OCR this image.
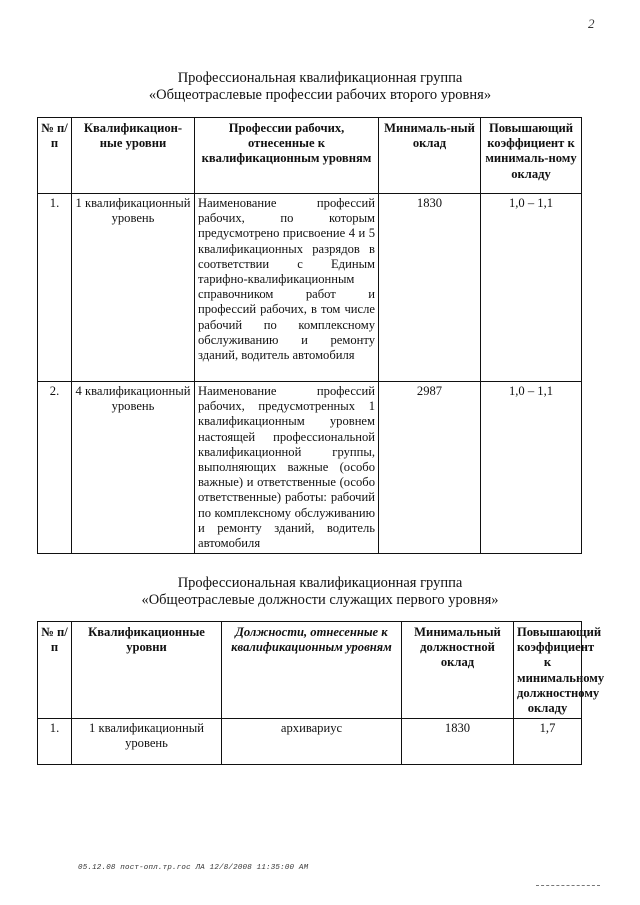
2
Профессиональная квалификационная группа
«Общеотраслевые профессии рабочих второго уровня»
№ п/п	Квалификацион-ные уровни	Профессии рабочих, отнесенные к квалификационным уровням	Минималь-ный оклад	Повышающий коэффициент к минималь-ному окладу
1.	1 квалификационный уровень	Наименование профессий рабочих, по которым предусмотрено присвоение 4 и 5 квалификационных разрядов в соответствии с Единым тарифно-квалификационным справочником работ и профессий рабочих, в том числе рабочий по комплексному обслуживанию и ремонту зданий, водитель автомобиля	1830	1,0 – 1,1
2.	4 квалификационный уровень	Наименование профессий рабочих, предусмотренных 1 квалификационным уровнем настоящей профессиональной квалификационной группы, выполняющих важные (особо важные) и ответственные (особо ответственные) работы: рабочий по комплексному обслуживанию и ремонту зданий, водитель автомобиля	2987	1,0 – 1,1
Профессиональная квалификационная группа
«Общеотраслевые должности служащих первого уровня»
№ п/п	Квалификационные уровни	Должности, отнесенные к квалификационным уровням	Минимальный должностной оклад	Повышающий коэффициент к минимальному должностному окладу
1.	1 квалификационный уровень	архивариус	1830	1,7
05.12.08 пост-опл.тр.гос ЛА 12/8/2008 11:35:00 AM
